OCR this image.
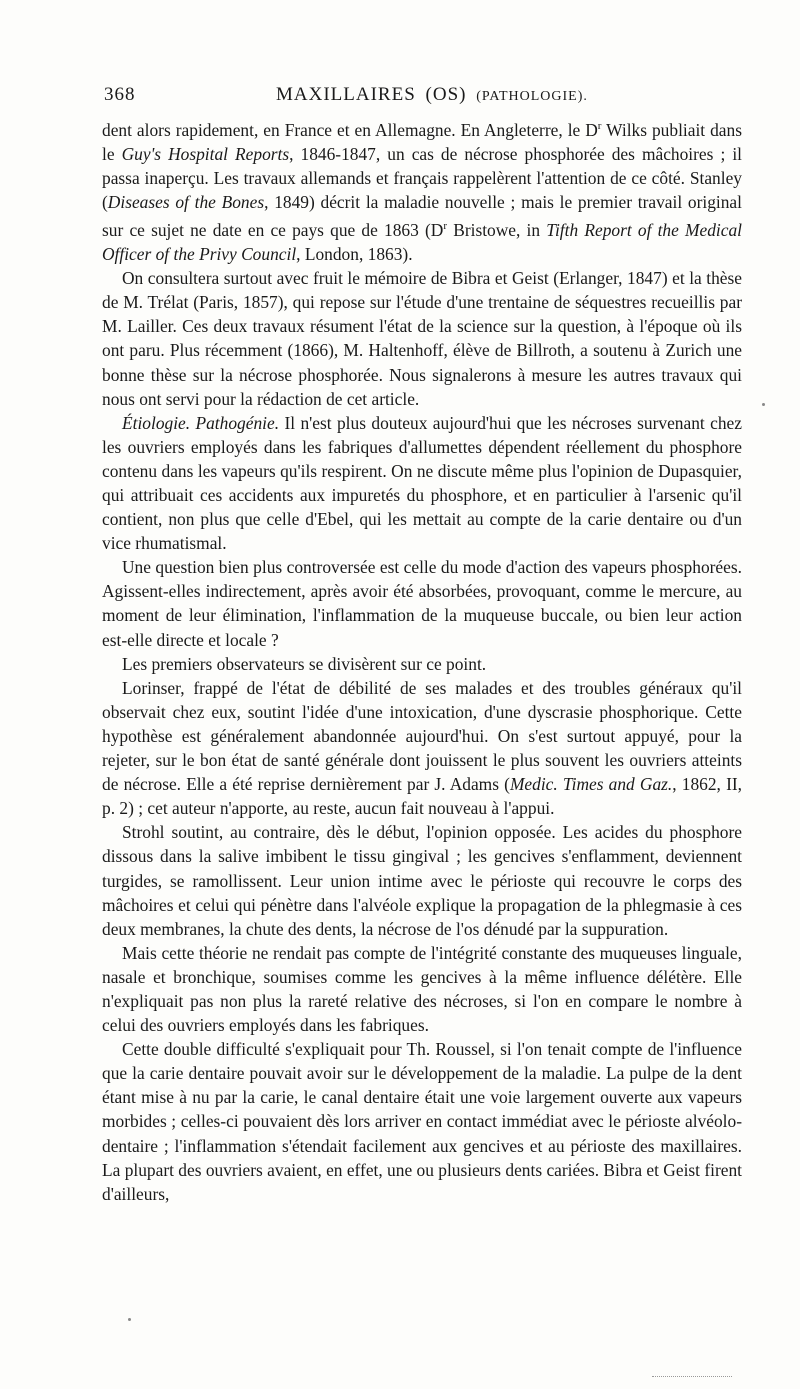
368	MAXILLAIRES (OS) (PATHOLOGIE).

dent alors rapidement, en France et en Allemagne. En Angleterre, le $D^r$ Wilks publiait dans le Guy's Hospital Reports, 1846-1847, un cas de nécrose phosphorée des mâchoires ; il passa inaperçu. Les travaux allemands et français rappelèrent l'attention de ce côté. Stanley (Diseases of the Bones, 1849) décrit la maladie nouvelle ; mais le premier travail original sur ce sujet ne date en ce pays que de 1863 ($D^r$ Bristowe, in Tifth Report of the Medical Officer of the Privy Council, London, 1863).

On consultera surtout avec fruit le mémoire de Bibra et Geist (Erlanger, 1847) et la thèse de M. Trélat (Paris, 1857), qui repose sur l'étude d'une trentaine de séquestres recueillis par M. Lailler. Ces deux travaux résument l'état de la science sur la question, à l'époque où ils ont paru. Plus récemment (1866), M. Haltenhoff, élève de Billroth, a soutenu à Zurich une bonne thèse sur la nécrose phosphorée. Nous signalerons à mesure les autres travaux qui nous ont servi pour la rédaction de cet article.

Étiologie. Pathogénie. Il n'est plus douteux aujourd'hui que les nécroses survenant chez les ouvriers employés dans les fabriques d'allumettes dépendent réellement du phosphore contenu dans les vapeurs qu'ils respirent. On ne discute même plus l'opinion de Dupasquier, qui attribuait ces accidents aux impuretés du phosphore, et en particulier à l'arsenic qu'il contient, non plus que celle d'Ebel, qui les mettait au compte de la carie dentaire ou d'un vice rhumatismal.

Une question bien plus controversée est celle du mode d'action des vapeurs phosphorées. Agissent-elles indirectement, après avoir été absorbées, provoquant, comme le mercure, au moment de leur élimination, l'inflammation de la muqueuse buccale, ou bien leur action est-elle directe et locale ?

Les premiers observateurs se divisèrent sur ce point.

Lorinser, frappé de l'état de débilité de ses malades et des troubles généraux qu'il observait chez eux, soutint l'idée d'une intoxication, d'une dyscrasie phosphorique. Cette hypothèse est généralement abandonnée aujourd'hui. On s'est surtout appuyé, pour la rejeter, sur le bon état de santé générale dont jouissent le plus souvent les ouvriers atteints de nécrose. Elle a été reprise dernièrement par J. Adams (Medic. Times and Gaz., 1862, II, p. 2) ; cet auteur n'apporte, au reste, aucun fait nouveau à l'appui.

Strohl soutint, au contraire, dès le début, l'opinion opposée. Les acides du phosphore dissous dans la salive imbibent le tissu gingival ; les gencives s'enflamment, deviennent turgides, se ramollissent. Leur union intime avec le périoste qui recouvre le corps des mâchoires et celui qui pénètre dans l'alvéole explique la propagation de la phlegmasie à ces deux membranes, la chute des dents, la nécrose de l'os dénudé par la suppuration.

Mais cette théorie ne rendait pas compte de l'intégrité constante des muqueuses linguale, nasale et bronchique, soumises comme les gencives à la même influence délétère. Elle n'expliquait pas non plus la rareté relative des nécroses, si l'on en compare le nombre à celui des ouvriers employés dans les fabriques.

Cette double difficulté s'expliquait pour Th. Roussel, si l'on tenait compte de l'influence que la carie dentaire pouvait avoir sur le développement de la maladie. La pulpe de la dent étant mise à nu par la carie, le canal dentaire était une voie largement ouverte aux vapeurs morbides ; celles-ci pouvaient dès lors arriver en contact immédiat avec le périoste alvéolo-dentaire ; l'inflammation s'étendait facilement aux gencives et au périoste des maxillaires. La plupart des ouvriers avaient, en effet, une ou plusieurs dents cariées. Bibra et Geist firent d'ailleurs,
